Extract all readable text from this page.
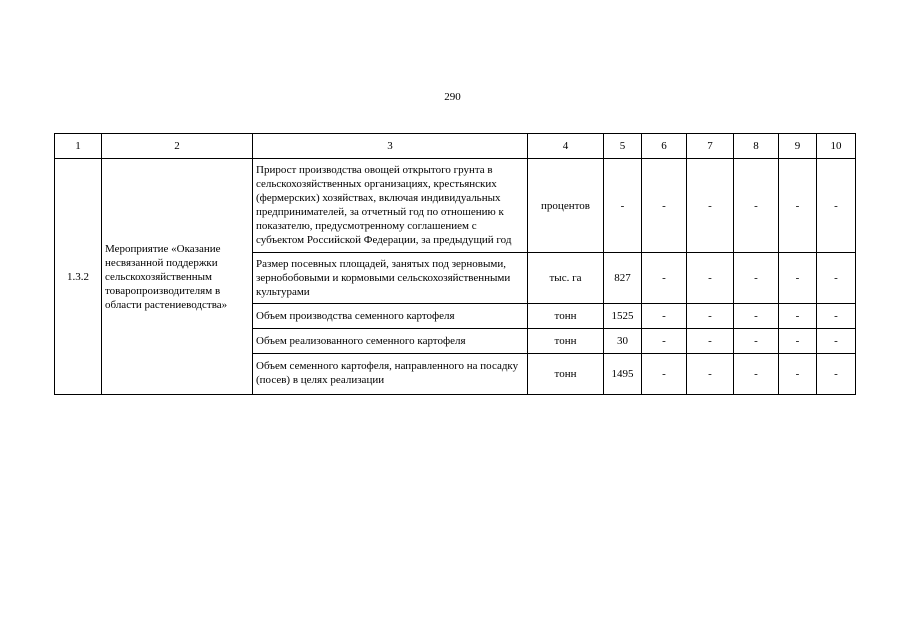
290
1	2	3	4	5	6	7	8	9	10
1.3.2	Мероприятие «Оказание несвязанной поддержки сельскохозяйственным товаропроизводителям в области растениеводства»	Прирост производства овощей открытого грунта в сельскохозяйственных организациях, крестьянских (фермерских) хозяйствах, включая индивидуальных предпринимателей, за отчетный год по отношению к показателю, предусмотренному соглашением с субъектом Российской Федерации, за предыдущий год	процентов	-	-	-	-	-	-
		Размер посевных площадей, занятых под зерновыми, зернобобовыми и кормовыми сельскохозяйственными культурами	тыс. га	827	-	-	-	-	-
		Объем производства семенного картофеля	тонн	1525	-	-	-	-	-
		Объем реализованного семенного картофеля	тонн	30	-	-	-	-	-
		Объем семенного картофеля, направленного на посадку (посев) в целях реализации	тонн	1495	-	-	-	-	-
